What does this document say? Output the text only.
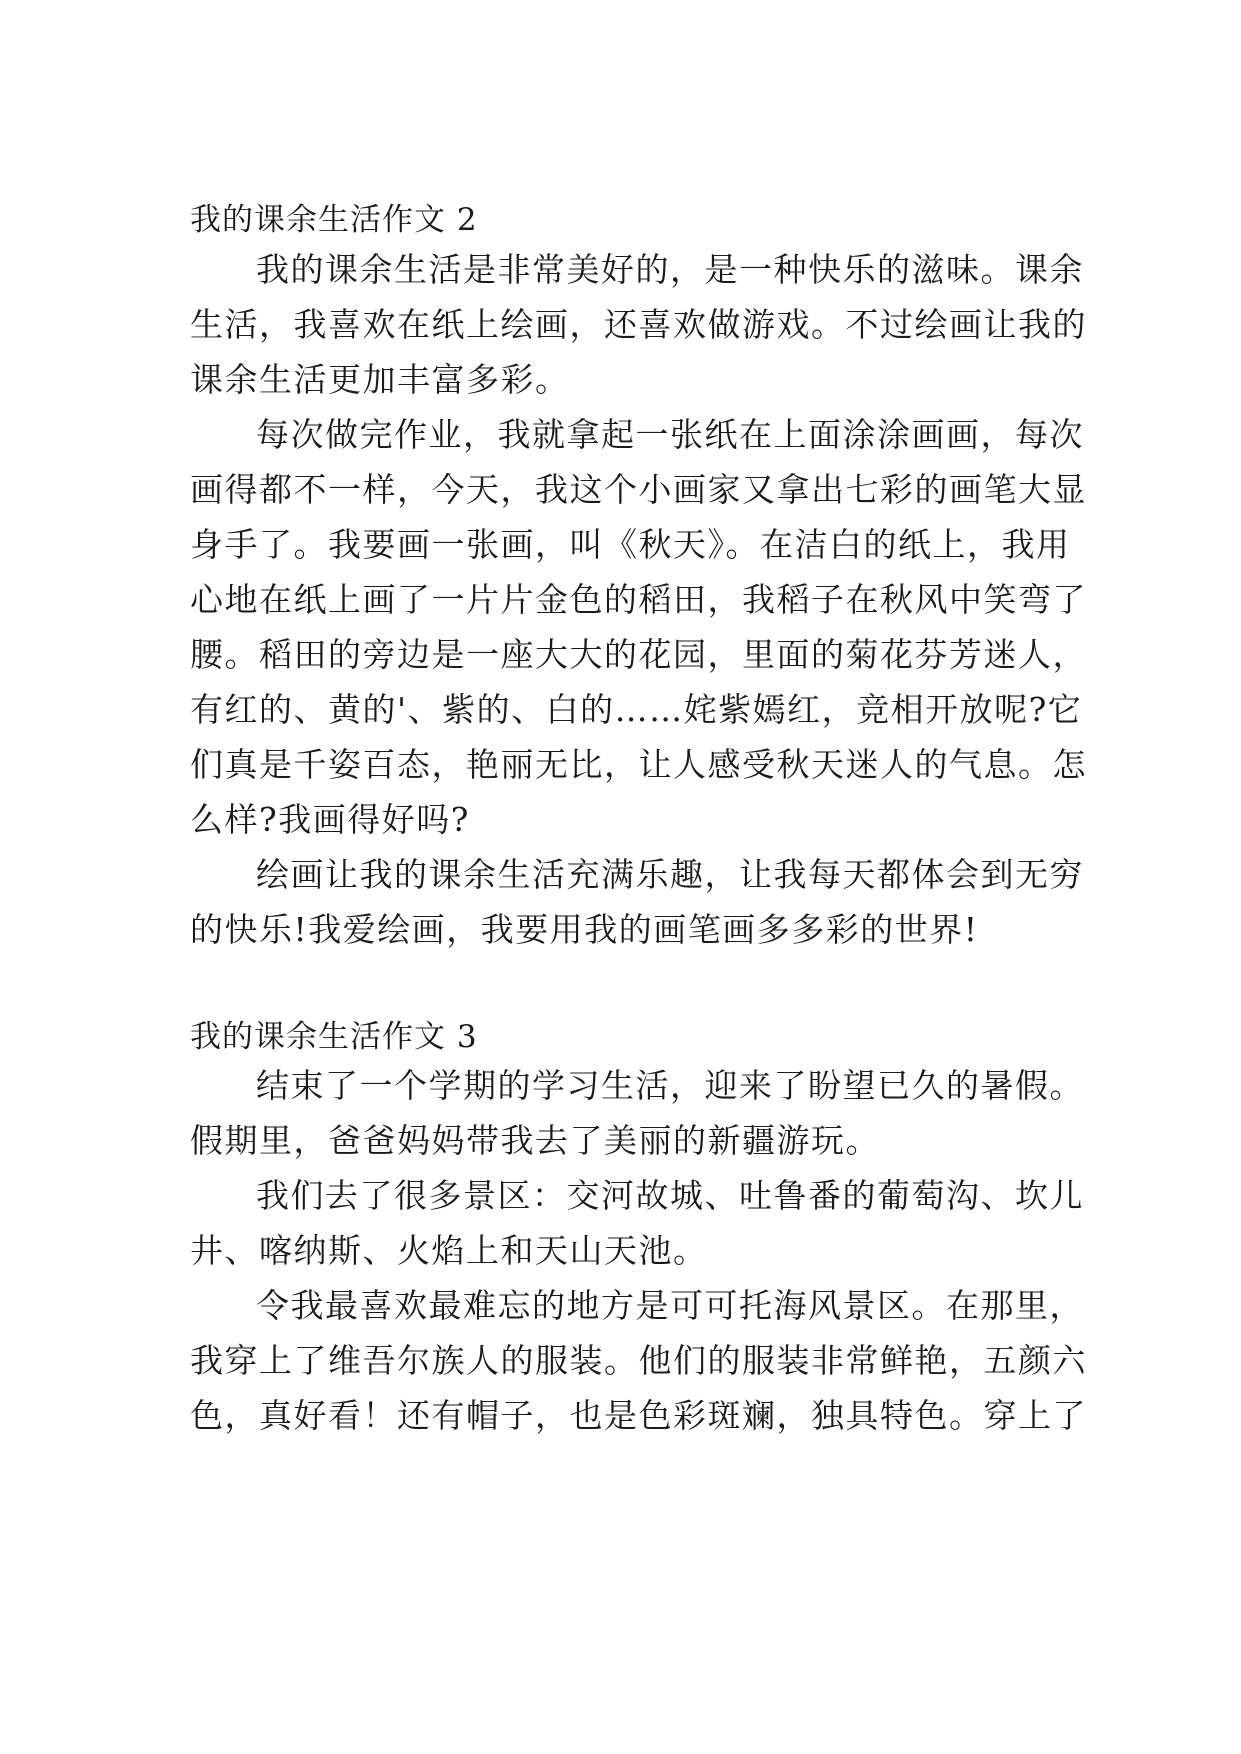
我的课余生活作文 2
我的课余生活是非常美好的，是一种快乐的滋味。课余
生活，我喜欢在纸上绘画，还喜欢做游戏。不过绘画让我的
课余生活更加丰富多彩。
每次做完作业，我就拿起一张纸在上面涂涂画画，每次
画得都不一样，今天，我这个小画家又拿出七彩的画笔大显
身手了。我要画一张画，叫《秋天》。在洁白的纸上，我用
心地在纸上画了一片片金色的稻田，我稻子在秋风中笑弯了
腰。稻田的旁边是一座大大的花园，里面的菊花芬芳迷人，
有红的、黄的'、紫的、白的……姹紫嫣红，竞相开放呢?它
们真是千姿百态，艳丽无比，让人感受秋天迷人的气息。怎
么样?我画得好吗?
绘画让我的课余生活充满乐趣，让我每天都体会到无穷
的快乐!我爱绘画，我要用我的画笔画多多彩的世界!
我的课余生活作文 3
结束了一个学期的学习生活，迎来了盼望已久的暑假。
假期里，爸爸妈妈带我去了美丽的新疆游玩。
我们去了很多景区：交河故城、吐鲁番的葡萄沟、坎儿
井、喀纳斯、火焰上和天山天池。
令我最喜欢最难忘的地方是可可托海风景区。在那里，
我穿上了维吾尔族人的服装。他们的服装非常鲜艳，五颜六
色，真好看！还有帽子，也是色彩斑斓，独具特色。穿上了
